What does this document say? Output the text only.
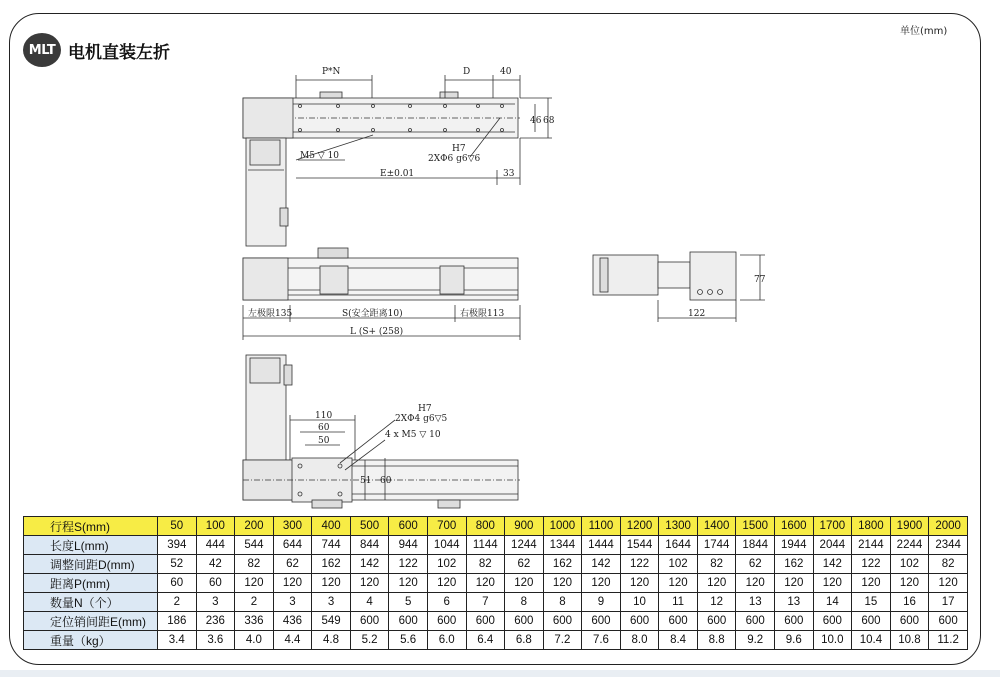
MLT 电机直装左折
单位(mm)
P*N	D	40
46 68
M5 ▽ 10
H7
2XΦ6 g6▽6
E±0.01	33
左极限135	S(安全距离10)	右极限113
L (S+ (258)
77
122
110
60
50
H7
2XΦ4 g6▽5
4 x M5 ▽ 10
51 60
行程S(mm)	50	100	200	300	400	500	600	700	800	900	1000	1100	1200	1300	1400	1500	1600	1700	1800	1900	2000
长度L(mm)	394	444	544	644	744	844	944	1044	1144	1244	1344	1444	1544	1644	1744	1844	1944	2044	2144	2244	2344
调整间距D(mm)	52	42	82	62	162	142	122	102	82	62	162	142	122	102	82	62	162	142	122	102	82
距离P(mm)	60	60	120	120	120	120	120	120	120	120	120	120	120	120	120	120	120	120	120	120	120
数量N（个）	2	3	2	3	3	4	5	6	7	8	8	9	10	11	12	13	13	14	15	16	17
定位销间距E(mm)	186	236	336	436	549	600	600	600	600	600	600	600	600	600	600	600	600	600	600	600	600
重量（kg）	3.4	3.6	4.0	4.4	4.8	5.2	5.6	6.0	6.4	6.8	7.2	7.6	8.0	8.4	8.8	9.2	9.6	10.0	10.4	10.8	11.2
